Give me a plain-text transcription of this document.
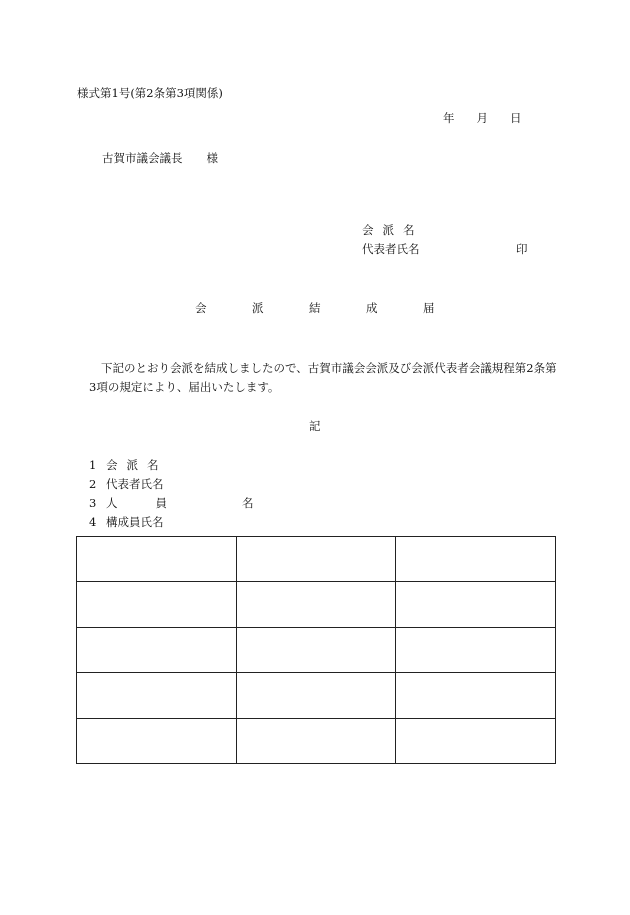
様式第1号(第2条第3項関係)
年 月 日
古賀市議会議長 様
会派名
代表者氏名	印
会	派	結	成	届
下記のとおり会派を結成しましたので、古賀市議会会派及び会派代表者会議規程第2条第3項の規定により、届出いたします。
記
1 会派名
2 代表者氏名
3 人員	名
4 構成員氏名
